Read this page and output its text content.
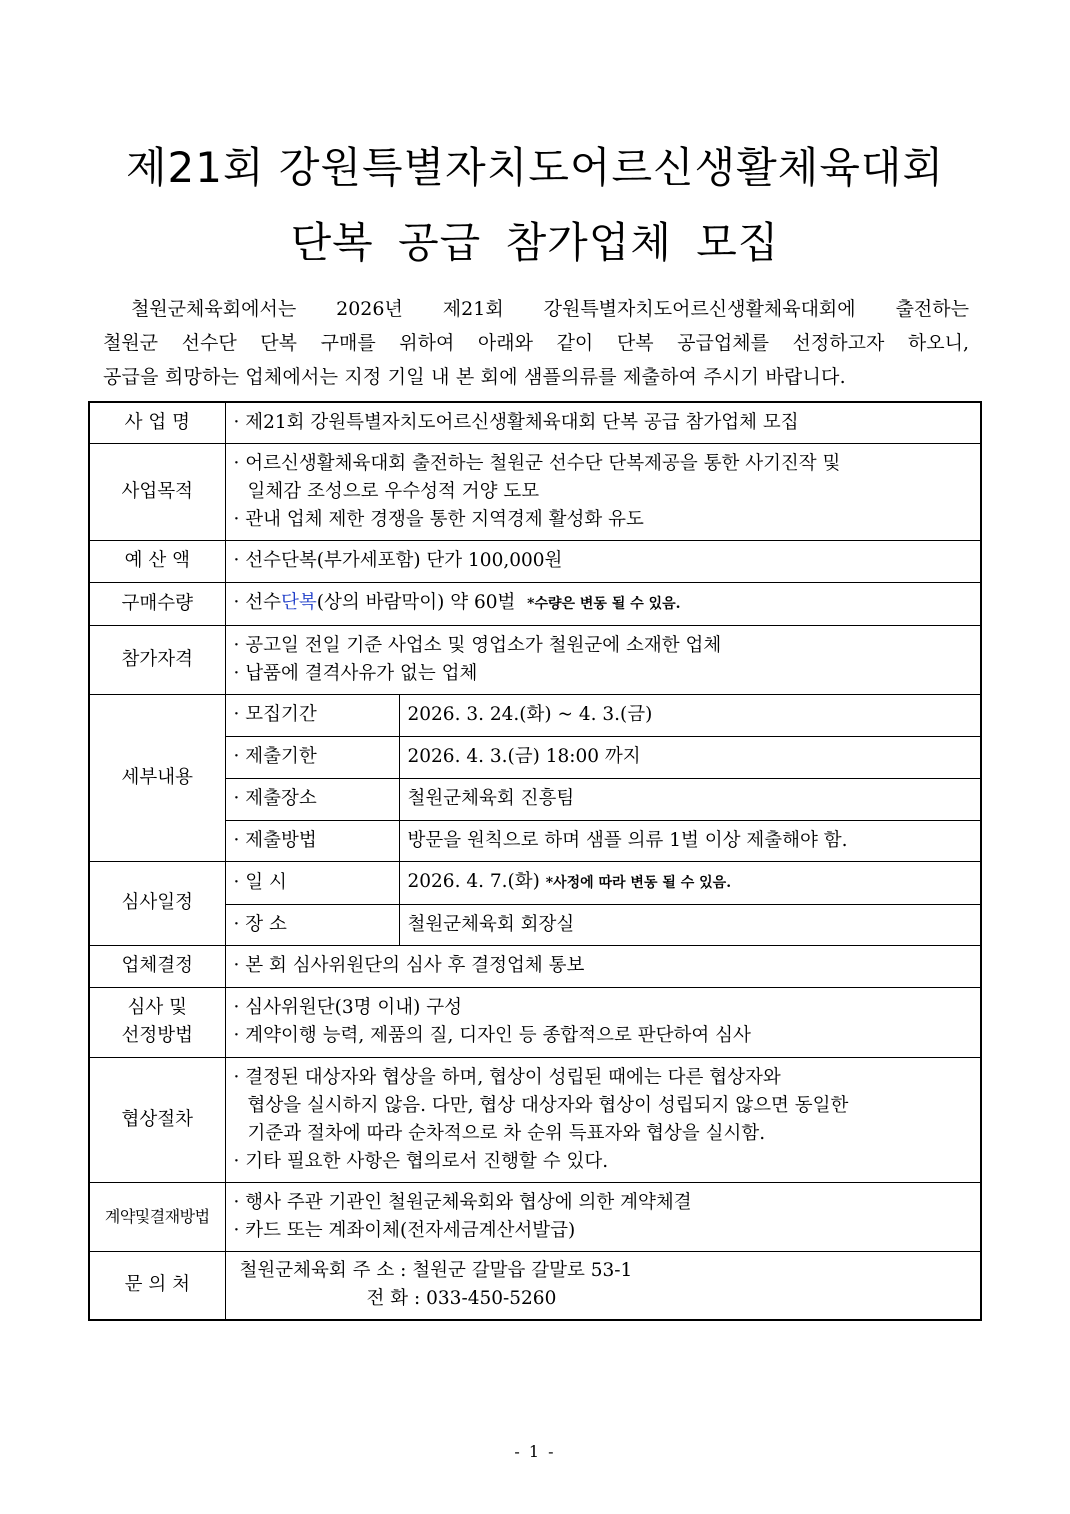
제21회 강원특별자치도어르신생활체육대회
단복 공급 참가업체 모집

철원군체육회에서는 2026년 제21회 강원특별자치도어르신생활체육대회에 출전하는

철원군 선수단 단복 구매를 위하여 아래와 같이 단복 공급업체를 선정하고자 하오니,

공급을 희망하는 업체에서는 지정 기일 내 본 회에 샘플의류를 제출하여 주시기 바랍니다.

사 업 명	· 제21회 강원특별자치도어르신생활체육대회 단복 공급 참가업체 모집	
사업목적	· 어르신생활체육대회 출전하는 철원군 선수단 단복제공을 통한 사기진작 및
일체감 조성으로 우수성적 거양 도모
· 관내 업체 제한 경쟁을 통한 지역경제 활성화 유도	

예 산 액	· 선수단복(부가세포함) 단가 100,000원	
구매수량	· 선수단복(상의 바람막이) 약 60벌 *수량은 변동 될 수 있음.	
참가자격	· 공고일 전일 기준 사업소 및 영업소가 철원군에 소재한 업체
· 납품에 결격사유가 없는 업체	

세부내용	· 모집기간	2026. 3. 24.(화) ~ 4. 3.(금)
	· 제출기한	2026. 4. 3.(금) 18:00 까지
	· 제출장소	철원군체육회 진흥팀
	· 제출방법	방문을 원칙으로 하며 샘플 의류 1벌 이상 제출해야 함.
심사일정	· 일 시	2026. 4. 7.(화) *사정에 따라 변동 될 수 있음.
	· 장 소	철원군체육회 회장실
업체결정	· 본 회 심사위원단의 심사 후 결정업체 통보	

심사 및
선정방법	· 심사위원단(3명 이내) 구성
· 계약이행 능력, 제품의 질, 디자인 등 종합적으로 판단하여 심사	

협상절차	· 결정된 대상자와 협상을 하며, 협상이 성립된 때에는 다른 협상자와
협상을 실시하지 않음. 다만, 협상 대상자와 협상이 성립되지 않으면 동일한
기준과 절차에 따라 순차적으로 차 순위 득표자와 협상을 실시함.
· 기타 필요한 사항은 협의로서 진행할 수 있다.	

계약및결재방법	· 행사 주관 기관인 철원군체육회와 협상에 의한 계약체결
· 카드 또는 계좌이체(전자세금계산서발급)	

문 의 처	철원군체육회 주 소 : 철원군 갈말읍 갈말로 53-1
전 화 : 033-450-5260	
- 1 -
